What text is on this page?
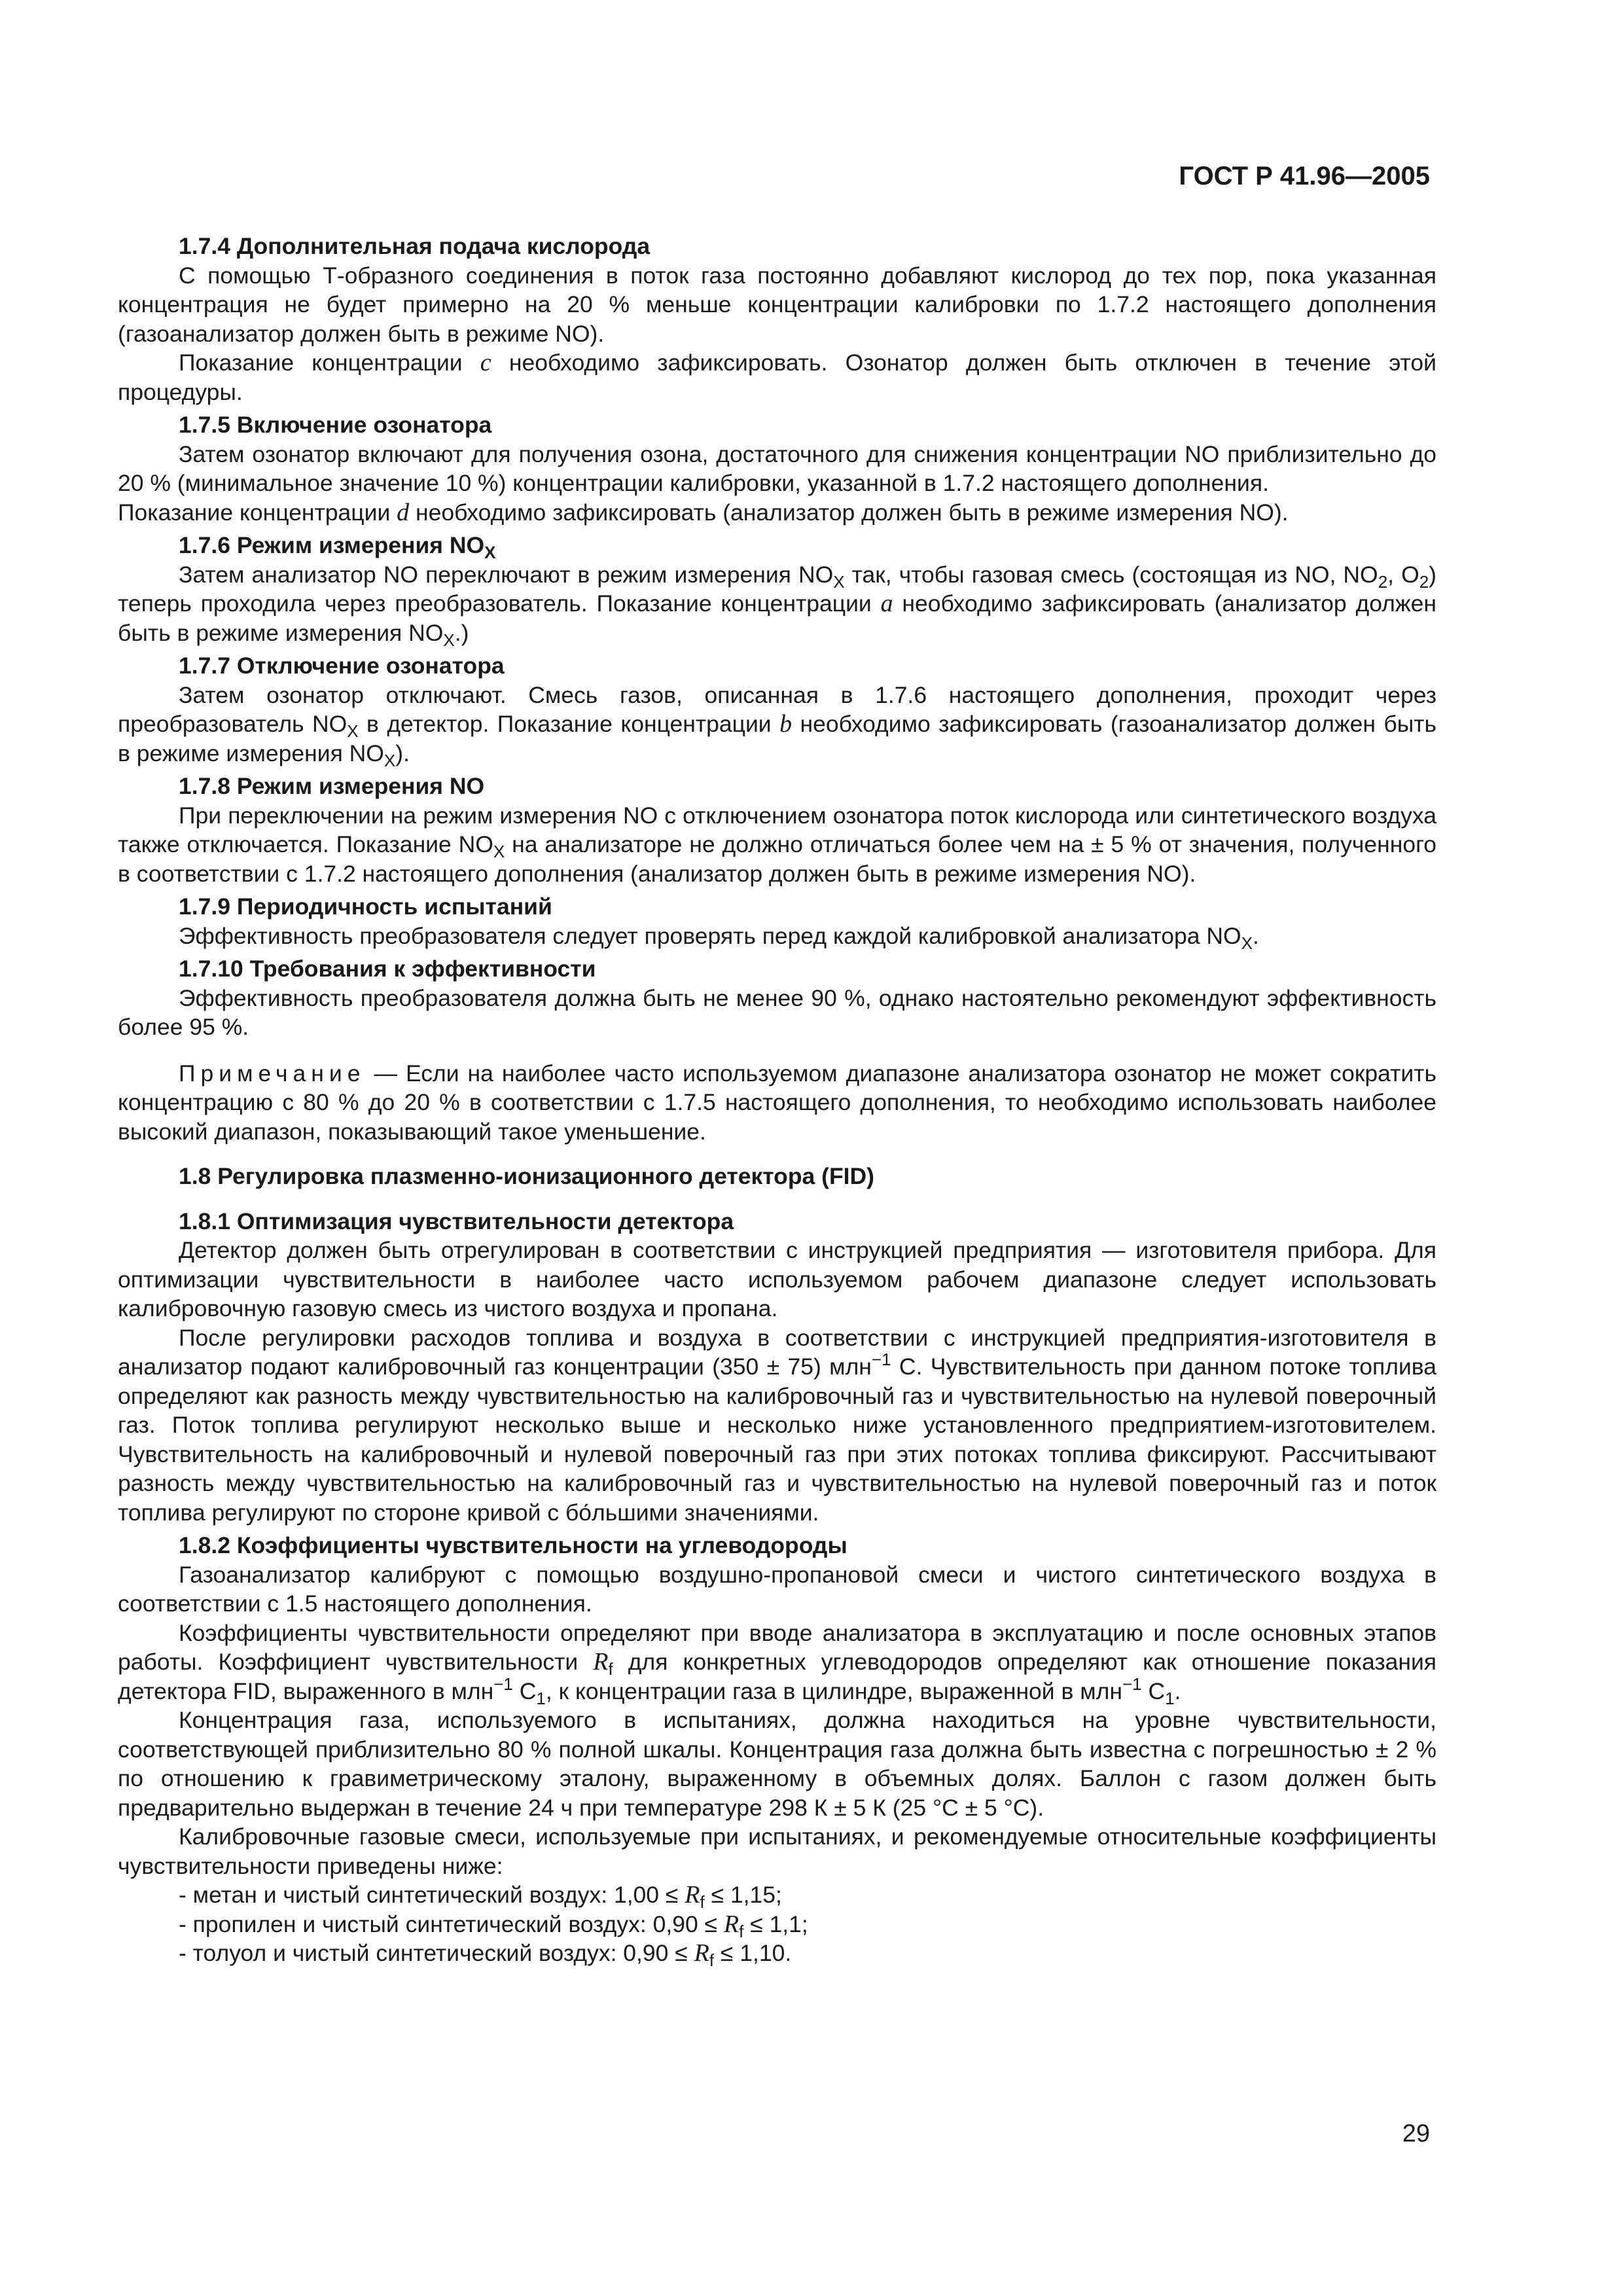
ГОСТ Р 41.96—2005

1.7.4 Дополнительная подача кислорода

С помощью Т-образного соединения в поток газа постоянно добавляют кислород до тех пор, пока указанная концентрация не будет примерно на 20 % меньше концентрации калибровки по 1.7.2 настоящего дополнения (газоанализатор должен быть в режиме NO).

Показание концентрации с необходимо зафиксировать. Озонатор должен быть отключен в течение этой процедуры.

1.7.5 Включение озонатора

Затем озонатор включают для получения озона, достаточного для снижения концентрации NO приблизительно до 20 % (минимальное значение 10 %) концентрации калибровки, указанной в 1.7.2 настоящего дополнения.

Показание концентрации d необходимо зафиксировать (анализатор должен быть в режиме измерения NO).

1.7.6 Режим измерения $NO_X$

Затем анализатор NO переключают в режим измерения $NO_X$ так, чтобы газовая смесь (состоящая из NO, $NO_2$, $O_2$) теперь проходила через преобразователь. Показание концентрации а необходимо зафиксировать (анализатор должен быть в режиме измерения $NO_X$.)

1.7.7 Отключение озонатора

Затем озонатор отключают. Смесь газов, описанная в 1.7.6 настоящего дополнения, проходит через преобразователь $NO_X$ в детектор. Показание концентрации b необходимо зафиксировать (газоанализатор должен быть в режиме измерения $NO_X$).

1.7.8 Режим измерения NO

При переключении на режим измерения NO с отключением озонатора поток кислорода или синтетического воздуха также отключается. Показание $NO_X$ на анализаторе не должно отличаться более чем на ± 5 % от значения, полученного в соответствии с 1.7.2 настоящего дополнения (анализатор должен быть в режиме измерения NO).

1.7.9 Периодичность испытаний

Эффективность преобразователя следует проверять перед каждой калибровкой анализатора $NO_X$.

1.7.10 Требования к эффективности

Эффективность преобразователя должна быть не менее 90 %, однако настоятельно рекомендуют эффективность более 95 %.

Примечание — Если на наиболее часто используемом диапазоне анализатора озонатор не может сократить концентрацию с 80 % до 20 % в соответствии с 1.7.5 настоящего дополнения, то необходимо использовать наиболее высокий диапазон, показывающий такое уменьшение.

1.8 Регулировка плазменно-ионизационного детектора (FID)

1.8.1 Оптимизация чувствительности детектора

Детектор должен быть отрегулирован в соответствии с инструкцией предприятия — изготовителя прибора. Для оптимизации чувствительности в наиболее часто используемом рабочем диапазоне следует использовать калибровочную газовую смесь из чистого воздуха и пропана.

После регулировки расходов топлива и воздуха в соответствии с инструкцией предприятия-изготовителя в анализатор подают калибровочный газ концентрации (350 ± 75) млн$^{-1}$ С. Чувствительность при данном потоке топлива определяют как разность между чувствительностью на калибровочный газ и чувствительностью на нулевой поверочный газ. Поток топлива регулируют несколько выше и несколько ниже установленного предприятием-изготовителем. Чувствительность на калибровочный и нулевой поверочный газ при этих потоках топлива фиксируют. Рассчитывают разность между чувствительностью на калибровочный газ и чувствительностью на нулевой поверочный газ и поток топлива регулируют по стороне кривой с бо́льшими значениями.

1.8.2 Коэффициенты чувствительности на углеводороды

Газоанализатор калибруют с помощью воздушно-пропановой смеси и чистого синтетического воздуха в соответствии с 1.5 настоящего дополнения.

Коэффициенты чувствительности определяют при вводе анализатора в эксплуатацию и после основных этапов работы. Коэффициент чувствительности $R_f$ для конкретных углеводородов определяют как отношение показания детектора FID, выраженного в млн$^{-1}$ $С_1$, к концентрации газа в цилиндре, выраженной в млн$^{-1}$ $С_1$.

Концентрация газа, используемого в испытаниях, должна находиться на уровне чувствительности, соответствующей приблизительно 80 % полной шкалы. Концентрация газа должна быть известна с погрешностью ± 2 % по отношению к гравиметрическому эталону, выраженному в объемных долях. Баллон с газом должен быть предварительно выдержан в течение 24 ч при температуре 298 К ± 5 К (25 °С ± 5 °С).

Калибровочные газовые смеси, используемые при испытаниях, и рекомендуемые относительные коэффициенты чувствительности приведены ниже:

- метан и чистый синтетический воздух: $1,00 \le R_f \le 1,15$;

- пропилен и чистый синтетический воздух: $0,90 \le R_f \le 1,1$;

- толуол и чистый синтетический воздух: $0,90 \le R_f \le 1,10$.

29
